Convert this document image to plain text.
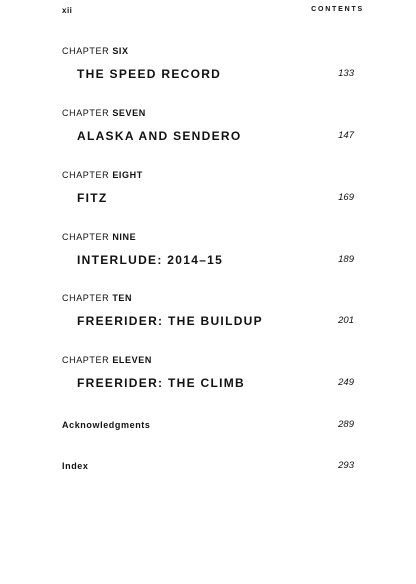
xii	CONTENTS
CHAPTER SIX
THE SPEED RECORD	133
CHAPTER SEVEN
ALASKA AND SENDERO	147
CHAPTER EIGHT
FITZ	169
CHAPTER NINE
INTERLUDE: 2014–15	189
CHAPTER TEN
FREERIDER: THE BUILDUP	201
CHAPTER ELEVEN
FREERIDER: THE CLIMB	249
Acknowledgments	289
Index	293
